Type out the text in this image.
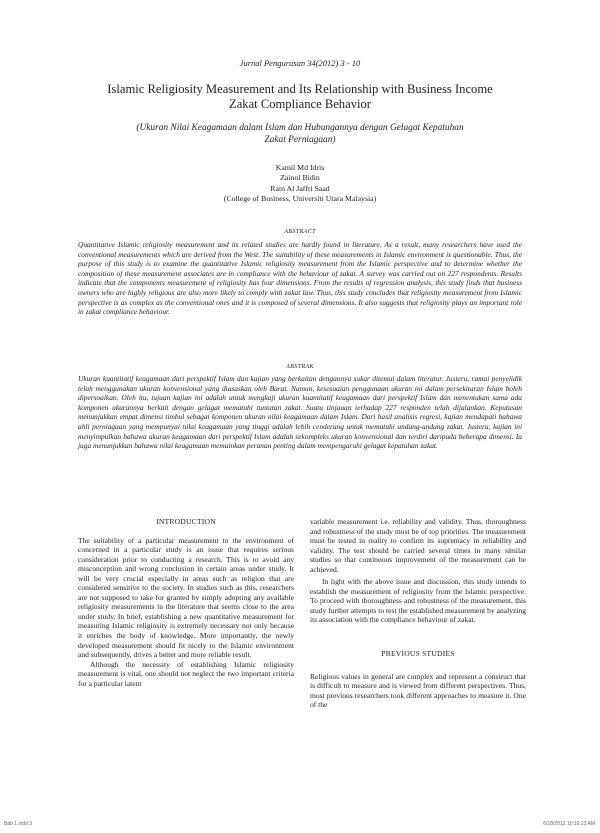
Jurnal Pengurusan 34(2012) 3 - 10
Islamic Religiosity Measurement and Its Relationship with Business Income
Zakat Compliance Behavior
(Ukuran Nilai Keagamaan dalam Islam dan Hubungannya dengan Gelagat Kepatuhan
Zakat Perniagaan)
Kamil Md Idris
Zainol Bidin
Ram Al Jaffri Saad
(College of Business, Universiti Utara Malaysia)
ABSTRACT
Quantitative Islamic religiosity measurement and its related studies are hardly found in literature. As a result, many researchers have used the conventional measurements which are derived from the West. The suitability of these measurements in Islamic environment is questionable. Thus, the purpose of this study is to examine the quantitative Islamic religiosity measurement from the Islamic perspective and to determine whether the composition of these measurement associates are in compliance with the behaviour of zakat. A survey was carried out on 227 respondents. Results indicate that the components measurement of religiosity has four dimensions. From the results of regression analysis, this study finds that business owners who are highly religious are also more likely to comply with zakat law. Thus, this study concludes that religiosity measurement from Islamic perspective is as complex as the conventional ones and it is composed of several dimensions. It also suggests that religiosity plays an important role in zakat compliance behaviour.
ABSTRAK
Ukuran kuantitatif keagamaan dari perspektif Islam dan kajian yang berkaitan dengannya sukar ditemui dalam literatur. Justeru, ramai penyelidik telah menggunakan ukuran konvensional yang diasaskan oleh Barat. Namun, kesesuaian penggunaan ukuran ini dalam persekitaran Islam boleh dipersoalkan. Oleh itu, tujuan kajian ini adalah untuk mengkaji ukuran kuantitatif keagamaan dari perspektif Islam dan menentukan sama ada komponen ukurannya berkait dengan gelagat mematuhi tuntutan zakat. Suatu tinjauan terhadap 227 responden telah dijalankan. Keputusan menunjukkan empat dimensi timbul sebagai komponen ukuran nilai keagamaan dalam Islam. Dari hasil analisis regresi, kajian mendapati bahawa ahli perniagaan yang mempunyai nilai keagamaan yang tinggi adalah lebih cenderung untuk mematuhi undang-undang zakat. Justeru, kajian ini menyimpulkan bahawa ukuran keagamaan dari perspektif Islam adalah sekompleks ukuran konvensional dan terdiri daripada beberapa dimensi. Ia juga menunjukkan bahawa nilai keagamaan memainkan peranan penting dalam mempengaruhi gelagat kepatuhan zakat.
INTRODUCTION

The suitability of a particular measurement to the environment of concerned in a particular study is an issue that requires serious consideration prior to conducting a research. This is to avoid any misconception and wrong conclusion in certain areas under study. It will be very crucial especially in areas such as religion that are considered sensitive to the society. In studies such as this, researchers are not supposed to take for granted by simply adopting any available religiosity measurements in the literature that seems close to the area under study. In brief, establishing a new quantitative measurement for measuring Islamic religiosity is extremely necessary not only because it enriches the body of knowledge. More importantly, the newly developed measurement should fit nicely to the Islamic environment and subsequently, drives a better and more reliable result.

Although the necessity of establishing Islamic religiosity measurement is vital, one should not neglect the two important criteria for a particular latent

variable measurement i.e. reliability and validity. Thus, thoroughness and robustness of the study must be of top priorities. The measurement must be tested in reality to confirm its supremacy in reliability and validity. The test should be carried several times in many similar studies so that continuous improvement of the measurement can be achieved.

In light with the above issue and discussion, this study intends to establish the measurement of religiosity from the Islamic perspective. To proceed with thoroughness and robustness of the measurement, this study further attempts to test the established measurement by analyzing its association with the compliance behaviour of zakat.

PREVIOUS STUDIES

Religious values in general are complex and represent a construct that is difficult to measure and is viewed from different perspectives. Thus, most previous researchers took different approaches to measure it. One of the

Bab 1.indd 3	6/18/2012 10:19:23 AM
